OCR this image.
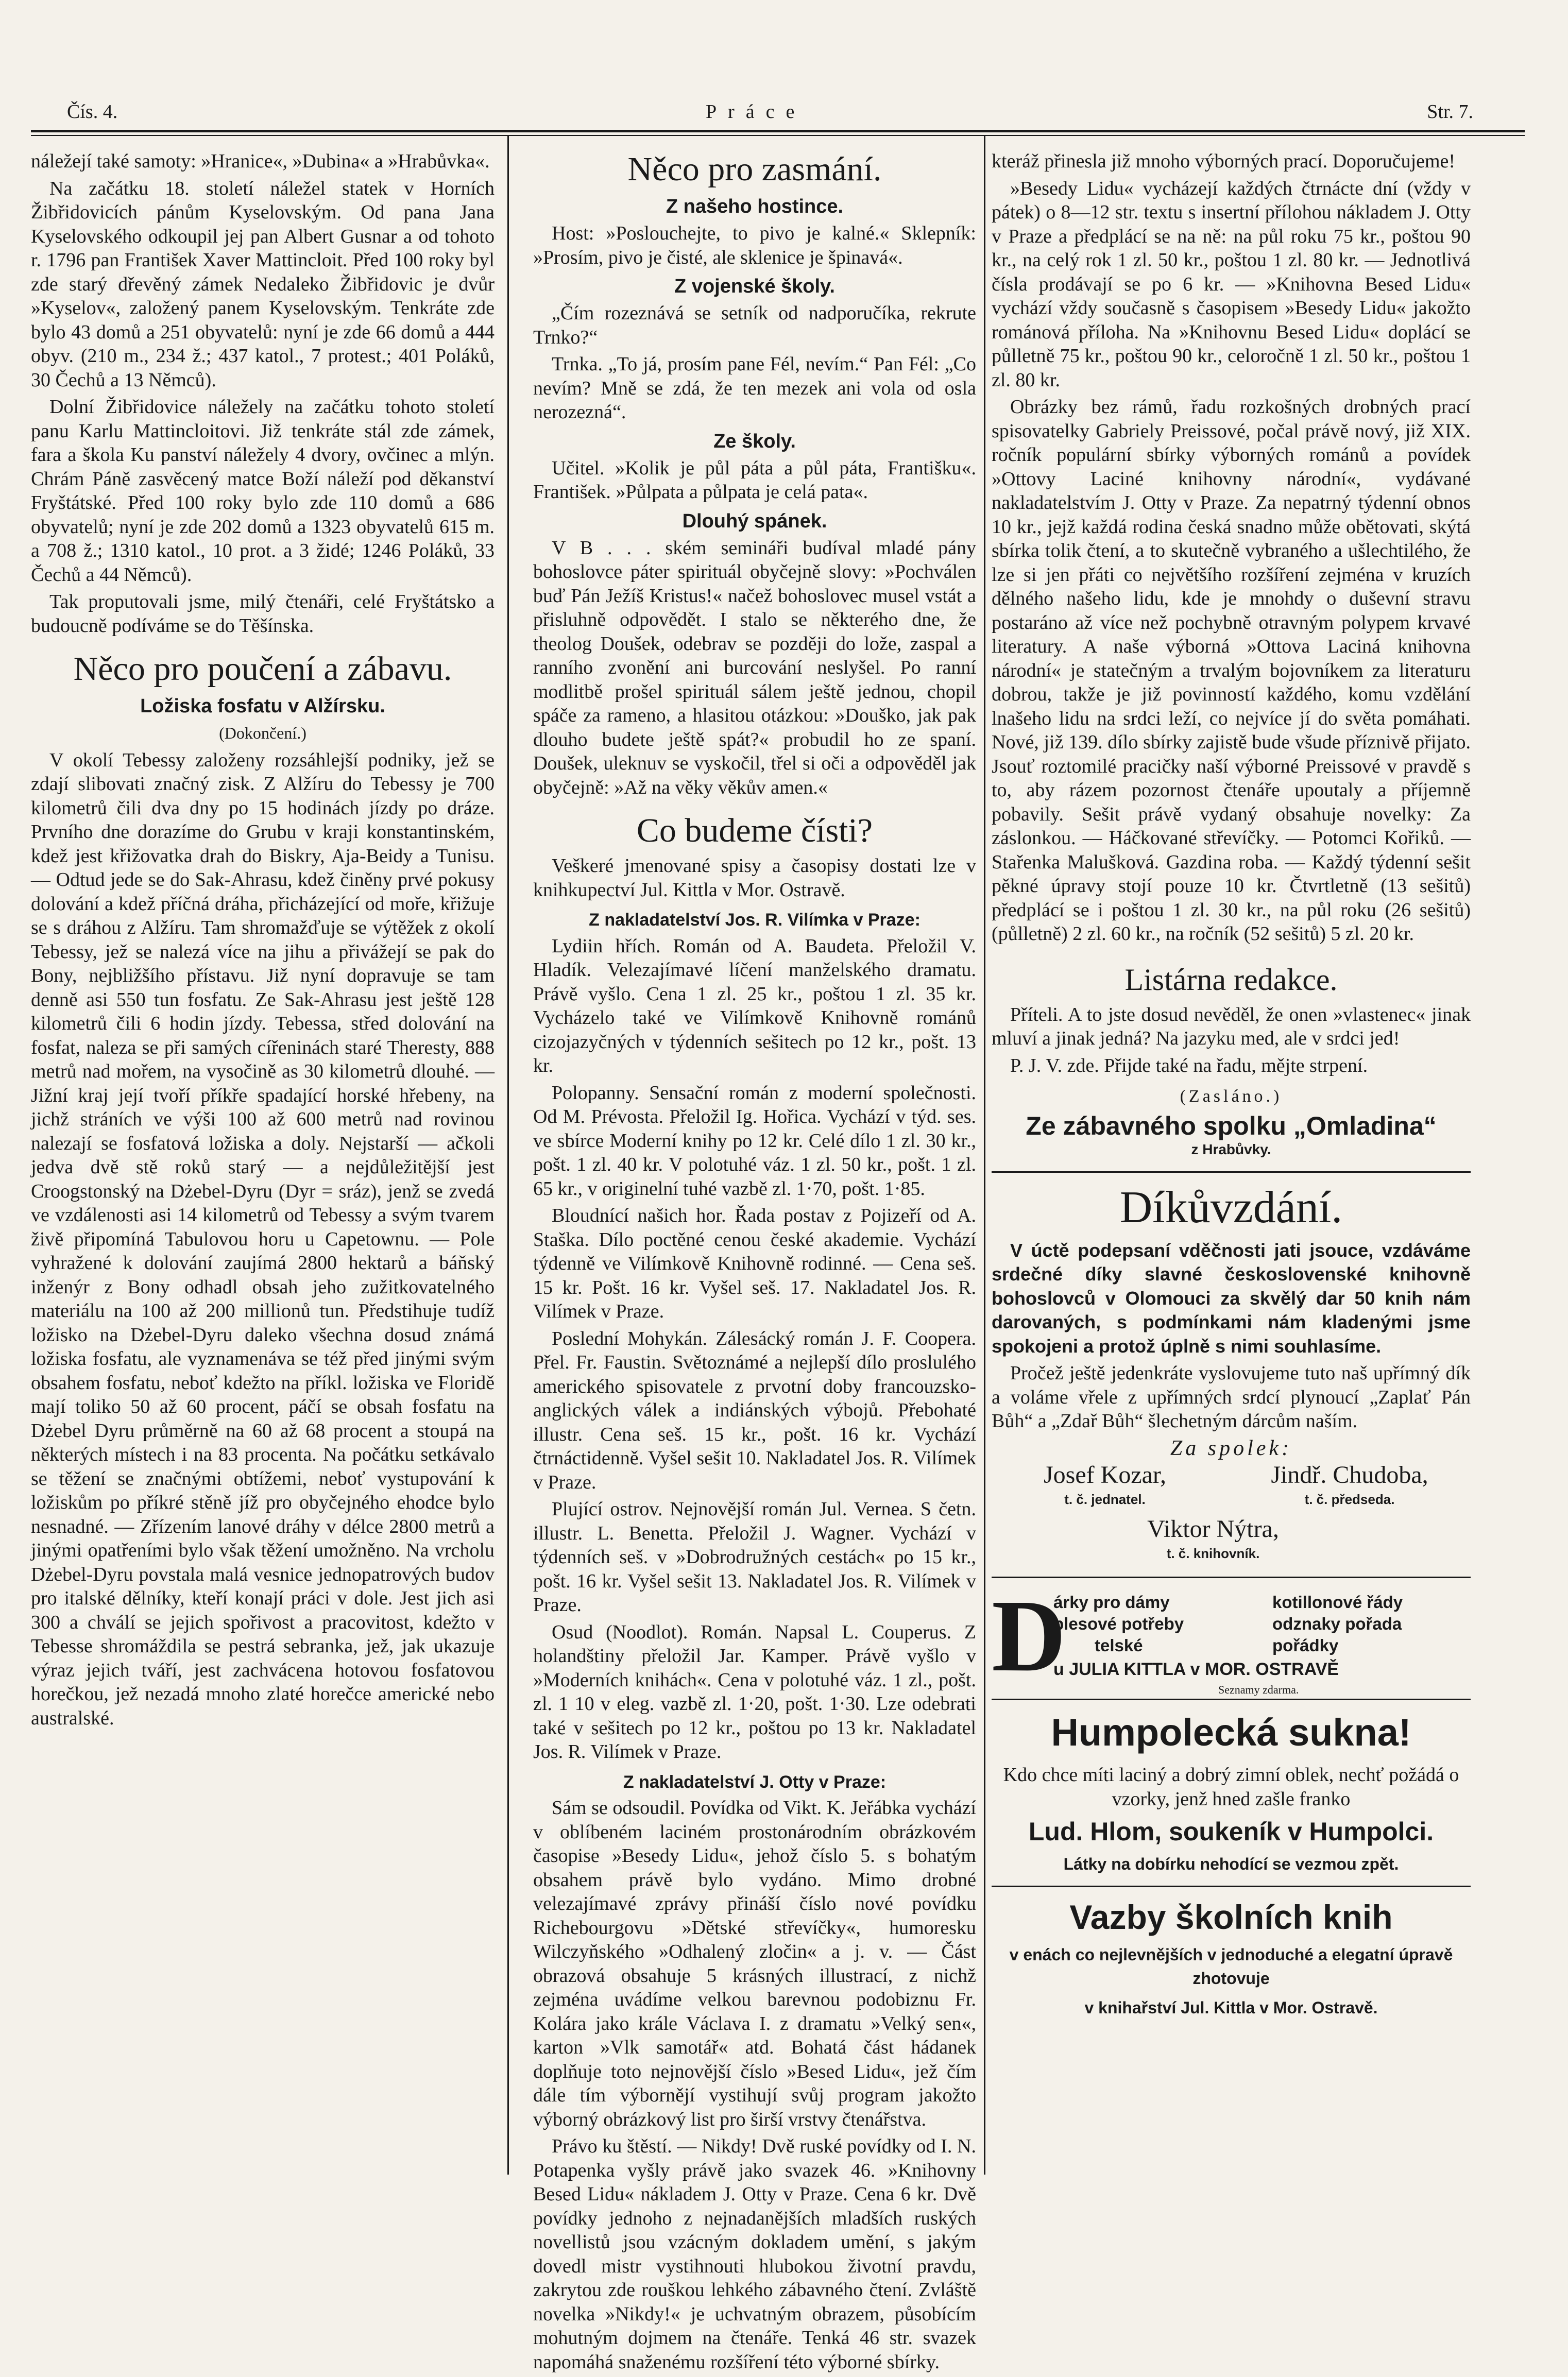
Čís. 4.	Práce	Str. 7.

náležejí také samoty: »Hranice«, »Dubina« a »Hrabůvka«.

Na začátku 18. století náležel statek v Horních Žibřidovicích pánům Kyselovským. Od pana Jana Kyselovského odkoupil jej pan Albert Gusnar a od tohoto r. 1796 pan František Xaver Mattincloit. Před 100 roky byl zde starý dřevěný zámek Nedaleko Žibřidovic je dvůr »Kyselov«, založený panem Kyselovským. Tenkráte zde bylo 43 domů a 251 obyvatelů: nyní je zde 66 domů a 444 obyv. (210 m., 234 ž.; 437 katol., 7 protest.; 401 Poláků, 30 Čechů a 13 Němců).

Dolní Žibřidovice náležely na začátku tohoto století panu Karlu Mattincloitovi. Již tenkráte stál zde zámek, fara a škola Ku panství náležely 4 dvory, ovčinec a mlýn. Chrám Páně zasvěcený matce Boží náleží pod děkanství Fryštátské. Před 100 roky bylo zde 110 domů a 686 obyvatelů; nyní je zde 202 domů a 1323 obyvatelů 615 m. a 708 ž.; 1310 katol., 10 prot. a 3 židé; 1246 Poláků, 33 Čechů a 44 Němců).

Tak proputovali jsme, milý čtenáři, celé Fryštátsko a budoucně podíváme se do Těšínska.

Něco pro poučení a zábavu.
Ložiska fosfatu v Alžírsku.
(Dokončení.)

V okolí Tebessy založeny rozsáhlejší podniky, jež se zdají slibovati značný zisk. Z Alžíru do Tebessy je 700 kilometrů čili dva dny po 15 hodinách jízdy po dráze. Prvního dne dorazíme do Grubu v kraji konstantinském, kdež jest křižovatka drah do Biskry, Aja-Beidy a Tunisu. — Odtud jede se do Sak-Ahrasu, kdež činěny prvé pokusy dolování a kdež příčná dráha, přicházející od moře, křižuje se s dráhou z Alžíru. Tam shromažďuje se výtěžek z okolí Tebessy, jež se nalezá více na jihu a přivážejí se pak do Bony, nejbližšího přístavu. Již nyní dopravuje se tam denně asi 550 tun fosfatu. Ze Sak-Ahrasu jest ještě 128 kilometrů čili 6 hodin jízdy. Tebessa, střed dolování na fosfat, naleza se při samých cířeninách staré Theresty, 888 metrů nad mořem, na vysočině as 30 kilometrů dlouhé. — Jižní kraj její tvoří příkře spadající horské hřebeny, na jichž stráních ve výši 100 až 600 metrů nad rovinou nalezají se fosfatová ložiska a doly. Nejstarší — ačkoli jedva dvě stě roků starý — a nejdůležitější jest Croogstonský na Dżebel-Dyru (Dyr = sráz), jenž se zvedá ve vzdálenosti asi 14 kilometrů od Tebessy a svým tvarem živě připomíná Tabulovou horu u Capetownu. — Pole vyhražené k dolování zaujímá 2800 hektarů a báňský inženýr z Bony odhadl obsah jeho zužitkovatelného materiálu na 100 až 200 millionů tun. Předstihuje tudíž ložisko na Dżebel-Dyru daleko všechna dosud známá ložiska fosfatu, ale vyznamenáva se též před jinými svým obsahem fosfatu, neboť kdežto na příkl. ložiska ve Floridě mají toliko 50 až 60 procent, páčí se obsah fosfatu na Dżebel Dyru průměrně na 60 až 68 procent a stoupá na některých místech i na 83 procenta. Na počátku setkávalo se těžení se značnými obtížemi, neboť vystupování k ložiskům po příkré stěně jíž pro obyčejného ehodce bylo nesnadné. — Zřízením lanové dráhy v délce 2800 metrů a jinými opatřeními bylo však těžení umožněno. Na vrcholu Dżebel-Dyru povstala malá vesnice jednopatrových budov pro italské dělníky, kteří konají práci v dole. Jest jich asi 300 a chválí se jejich spořivost a pracovitost, kdežto v Tebesse shromáždila se pestrá sebranka, jež, jak ukazuje výraz jejich tváří, jest zachvácena hotovou fosfatovou horečkou, jež nezadá mnoho zlaté horečce americké nebo australské.

Něco pro zasmání.
Z našeho hostince.

Host: »Poslouchejte, to pivo je kalné.« Sklepník: »Prosím, pivo je čisté, ale sklenice je špinavá«.

Z vojenské školy.

„Čím rozeznává se setník od nadporučíka, rekrute Trnko?“

Trnka. „To já, prosím pane Fél, nevím.“ Pan Fél: „Co nevím? Mně se zdá, že ten mezek ani vola od osla nerozezná“.

Ze školy.

Učitel. »Kolik je půl páta a půl páta, Františku«. František. »Půlpata a půlpata je celá pata«.

Dlouhý spánek.

V B . . . ském semináři budíval mladé pány bohoslovce páter spirituál obyčejně slovy: »Pochválen buď Pán Ježíš Kristus!« načež bohoslovec musel vstát a přisluhně odpovědět. I stalo se některého dne, že theolog Doušek, odebrav se později do lože, zaspal a ranního zvonění ani burcování neslyšel. Po ranní modlitbě prošel spirituál sálem ještě jednou, chopil spáče za rameno, a hlasitou otázkou: »Douško, jak pak dlouho budete ještě spát?« probudil ho ze spaní. Doušek, uleknuv se vyskočil, třel si oči a odpověděl jak obyčejně: »Až na věky věkův amen.«

Co budeme čísti?

Veškeré jmenované spisy a časopisy dostati lze v knihkupectví Jul. Kittla v Mor. Ostravě.

Z nakladatelství Jos. R. Vilímka v Praze:

Lydiin hřích. Román od A. Baudeta. Přeložil V. Hladík. Velezajímavé líčení manželského dramatu. Právě vyšlo. Cena 1 zl. 25 kr., poštou 1 zl. 35 kr. Vycházelo také ve Vilímkově Knihovně románů cizojazyčných v týdenních sešitech po 12 kr., pošt. 13 kr.

Polopanny. Sensační román z moderní společnosti. Od M. Prévosta. Přeložil Ig. Hořica. Vychází v týd. ses. ve sbírce Moderní knihy po 12 kr. Celé dílo 1 zl. 30 kr., pošt. 1 zl. 40 kr. V polotuhé váz. 1 zl. 50 kr., pošt. 1 zl. 65 kr., v originelní tuhé vazbě zl. 1·70, pošt. 1·85.

Bloudnící našich hor. Řada postav z Pojizeří od A. Staška. Dílo poctěné cenou české akademie. Vychází týdenně ve Vilímkově Knihovně rodinné. — Cena seš. 15 kr. Pošt. 16 kr. Vyšel seš. 17. Nakladatel Jos. R. Vilímek v Praze.

Poslední Mohykán. Zálesácký román J. F. Coopera. Přel. Fr. Faustin. Světoznámé a nejlepší dílo proslulého amerického spisovatele z prvotní doby francouzsko-anglických válek a indiánských výbojů. Přebohaté illustr. Cena seš. 15 kr., pošt. 16 kr. Vychází čtrnáctidenně. Vyšel sešit 10. Nakladatel Jos. R. Vilímek v Praze.

Plující ostrov. Nejnovější román Jul. Verneа. S četn. illustr. L. Benetta. Přeložil J. Wagner. Vychází v týdenních seš. v »Dobrodružných cestách« po 15 kr., pošt. 16 kr. Vyšel sešit 13. Nakladatel Jos. R. Vilímek v Praze.

Osud (Noodlot). Román. Napsal L. Couperus. Z holandštiny přeložil Jar. Kamper. Právě vyšlo v »Moderních knihách«. Cena v polotuhé váz. 1 zl., pošt. zl. 1 10 v eleg. vazbě zl. 1·20, pošt. 1·30. Lze odebrati také v sešitech po 12 kr., poštou po 13 kr. Nakladatel Jos. R. Vilímek v Praze.

Z nakladatelství J. Otty v Praze:

Sám se odsoudil. Povídka od Vikt. K. Jeřábka vychází v oblíbeném laciném prostonárodním obrázkovém časopise »Besedy Lidu«, jehož číslo 5. s bohatým obsahem právě bylo vydáno. Mimo drobné velezajímavé zprávy přináší číslo nové povídku Richebourgovu »Dětské střevíčky«, humoresku Wilczyňského »Odhalený zločin« a j. v. — Část obrazová obsahuje 5 krásných illustrací, z nichž zejména uvádíme velkou barevnou podobiznu Fr. Kolára jako krále Václava I. z dramatu »Velký sen«, karton »Vlk samotář« atd. Bohatá část hádanek doplňuje toto nejnovější číslo »Besed Lidu«, jež čím dále tím výbornějí vystihují svůj program jakožto výborný obrázkový list pro širší vrstvy čtenářstva.

Právo ku štěstí. — Nikdy! Dvě ruské povídky od I. N. Potapenka vyšly právě jako svazek 46. »Knihovny Besed Lidu« nákladem J. Otty v Praze. Cena 6 kr. Dvě povídky jednoho z nejnadanějších mladších ruských novellistů jsou vzácným dokladem umění, s jakým dovedl mistr vystihnouti hlubokou životní pravdu, zakrytou zde rouškou lehkého zábavného čtení. Zvláště novelka »Nikdy!« je uchvatným obrazem, působícím mohutným dojmem na čtenáře. Tenká 46 str. svazek napomáhá snaženému rozšíření této výborné sbírky.

kteráž přinesla již mnoho výborných prací. Doporučujeme!

»Besedy Lidu« vycházejí každých čtrnácte dní (vždy v pátek) o 8—12 str. textu s insertní přílohou nákladem J. Otty v Praze a předplácí se na ně: na půl roku 75 kr., poštou 90 kr., na celý rok 1 zl. 50 kr., poštou 1 zl. 80 kr. — Jednotlivá čísla prodávají se po 6 kr. — »Knihovna Besed Lidu« vychází vždy současně s časopisem »Besedy Lidu« jakožto románová příloha. Na »Knihovnu Besed Lidu« doplácí se půlletně 75 kr., poštou 90 kr., celoročně 1 zl. 50 kr., poštou 1 zl. 80 kr.

Obrázky bez rámů, řadu rozkošných drobných prací spisovatelky Gabriely Preissové, počal právě nový, již XIX. ročník populární sbírky výborných románů a povídek »Ottovy Laciné knihovny národní«, vydávané nakladatelstvím J. Otty v Praze. Za nepatrný týdenní obnos 10 kr., jejž každá rodina česká snadno může obětovati, skýtá sbírka tolik čtení, a to skutečně vybraného a ušlechtilého, že lze si jen přáti co největšího rozšíření zejména v kruzích dělného našeho lidu, kde je mnohdy o duševní stravu postaráno až více než pochybně otravným polypem krvavé literatury. A naše výborná »Ottova Laciná knihovna národní« je statečným a trvalým bojovníkem za literaturu dobrou, takže je již povinností každého, komu vzdělání lnašeho lidu na srdci leží, co nejvíce jí do světa pomáhati. Nové, již 139. dílo sbírky zajistě bude všude příznivě přijato. Jsouť roztomilé pracičky naší výborné Preissové v pravdě s to, aby rázem pozornost čtenáře upoutaly a příjemně pobavily. Sešit právě vydaný obsahuje novelky: Za záslonkou. — Háčkované střevíčky. — Potomci Kořiků. — Stařenka Malušková. Gazdina roba. — Každý týdenní sešit pěkné úpravy stojí pouze 10 kr. Čtvrtletně (13 sešitů) předplácí se i poštou 1 zl. 30 kr., na půl roku (26 sešitů) (půlletně) 2 zl. 60 kr., na ročník (52 sešitů) 5 zl. 20 kr.

Listárna redakce.

Příteli. A to jste dosud nevěděl, že onen »vlastenec« jinak mluví a jinak jedná? Na jazyku med, ale v srdci jed!

P. J. V. zde. Přijde také na řadu, mějte strpení.

(Zasláno.)
Ze zábavného spolku „Omladina“
z Hrabůvky.
Díkůvzdání.

V úctě podepsaní vděčnosti jati jsouce, vzdáváme srdečné díky slavné československé knihovně bohoslovců v Olomouci za skvělý dar 50 knih nám darovaných, s podmínkami nám kladenými jsme spokojeni a protož úplně s nimi souhlasíme.

Pročež ještě jedenkráte vyslovujeme tuto naš upřímný dík a voláme vřele z upřímných srdcí plynoucí „Zaplať Pán Bůh“ a „Zdař Bůh“ šlechetným dárcům naším.

Za spolek:
Josef Kozar,
t. č. jednatel.
Jindř. Chudoba,
t. č. předseda.
Viktor Nýtra,
t. č. knihovník.
D
árky pro dámy
plesové potřeby
telské
kotillonové řády
odznaky pořada
pořádky
u JULIA KITTLA v MOR. OSTRAVĚ
Seznamy zdarma.
Humpolecká sukna!

Kdo chce míti laciný a dobrý zimní oblek, nechť požádá o vzorky, jenž hned zašle franko

Lud. Hlom, soukeník v Humpolci.
Látky na dobírku nehodící se vezmou zpět.
Vazby školních knih
v enách co nejlevnějších v jednoduché a elegatní úpravě zhotovuje
v knihařství Jul. Kittla v Mor. Ostravě.
